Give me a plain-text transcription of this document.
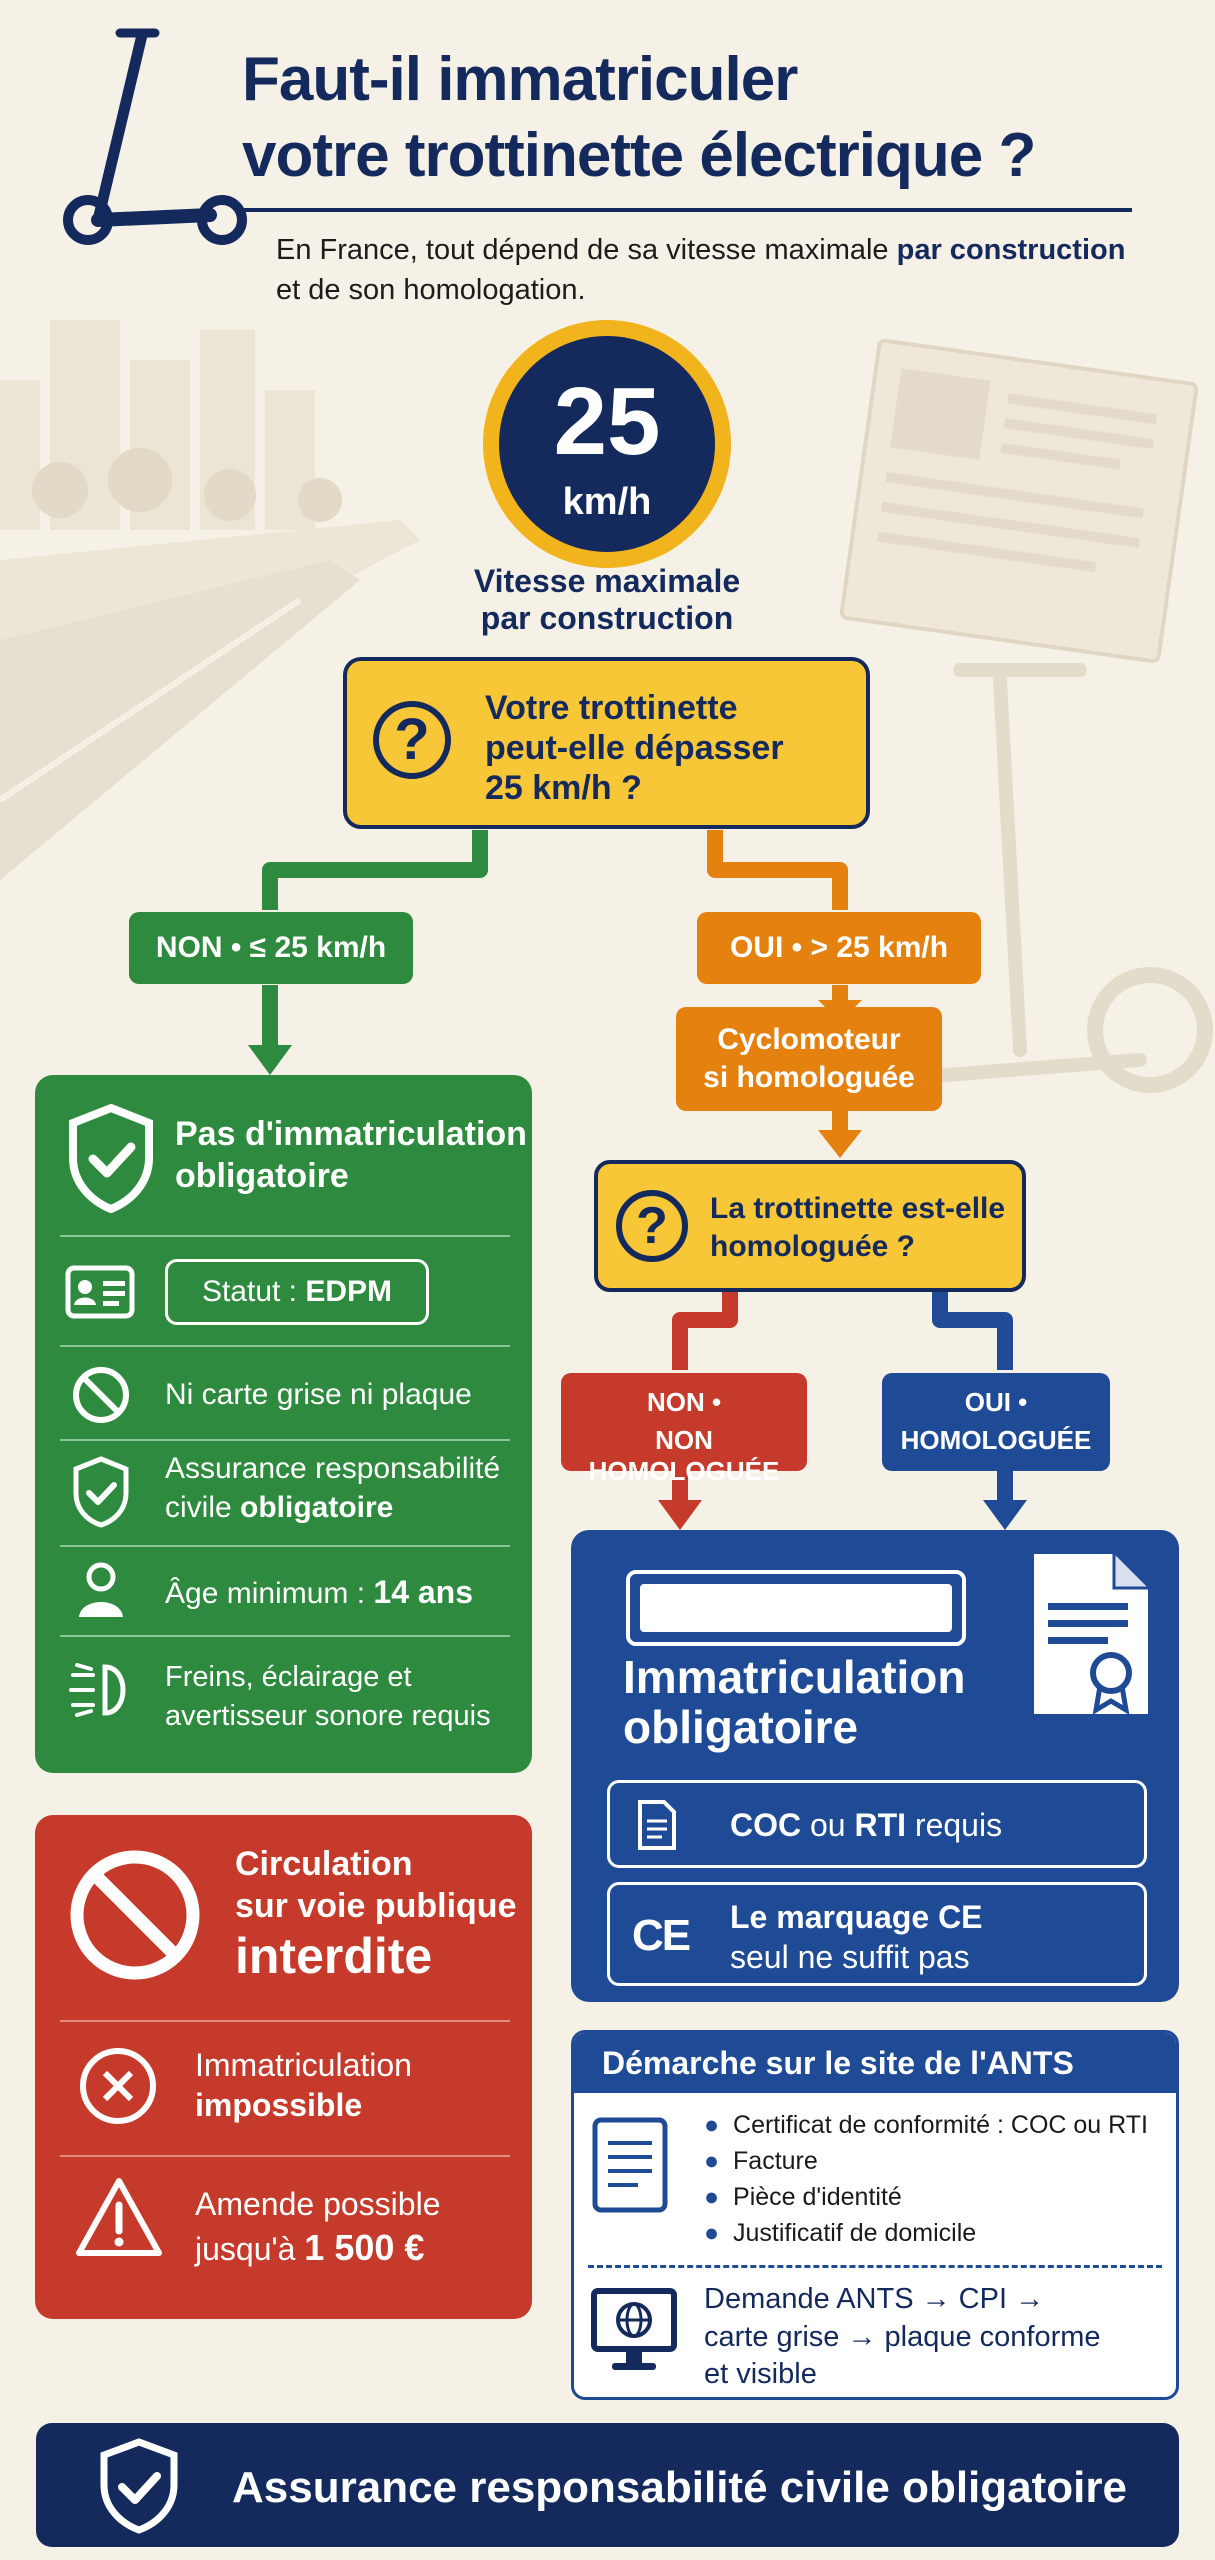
Faut-il immatriculer
votre trottinette électrique ?
En France, tout dépend de sa vitesse maximale par construction
et de son homologation.
25
km/h
Vitesse maximale
par construction
?	Votre trottinette
peut-elle dépasser
25 km/h ?
NON • ≤ 25 km/h	OUI • > 25 km/h
Cyclomoteur
si homologuée
?	La trottinette est-elle
homologuée ?
NON •
NON HOMOLOGUÉE
OUI •
HOMOLOGUÉE
Pas d'immatriculation
obligatoire
Statut : EDPM
Ni carte grise ni plaque
Assurance responsabilité
civile obligatoire
Âge minimum : 14 ans
Freins, éclairage et
avertisseur sonore requis
Circulation
sur voie publique
interdite
Immatriculation
impossible
Amende possible
jusqu'à 1 500 €
Immatriculation
obligatoire
COC ou RTI requis
CE Le marquage CE
seul ne suffit pas
Démarche sur le site de l'ANTS
● Certificat de conformité : COC ou RTI
● Facture
● Pièce d'identité
● Justificatif de domicile
Demande ANTS → CPI →
carte grise → plaque conforme
et visible
Assurance responsabilité civile obligatoire
